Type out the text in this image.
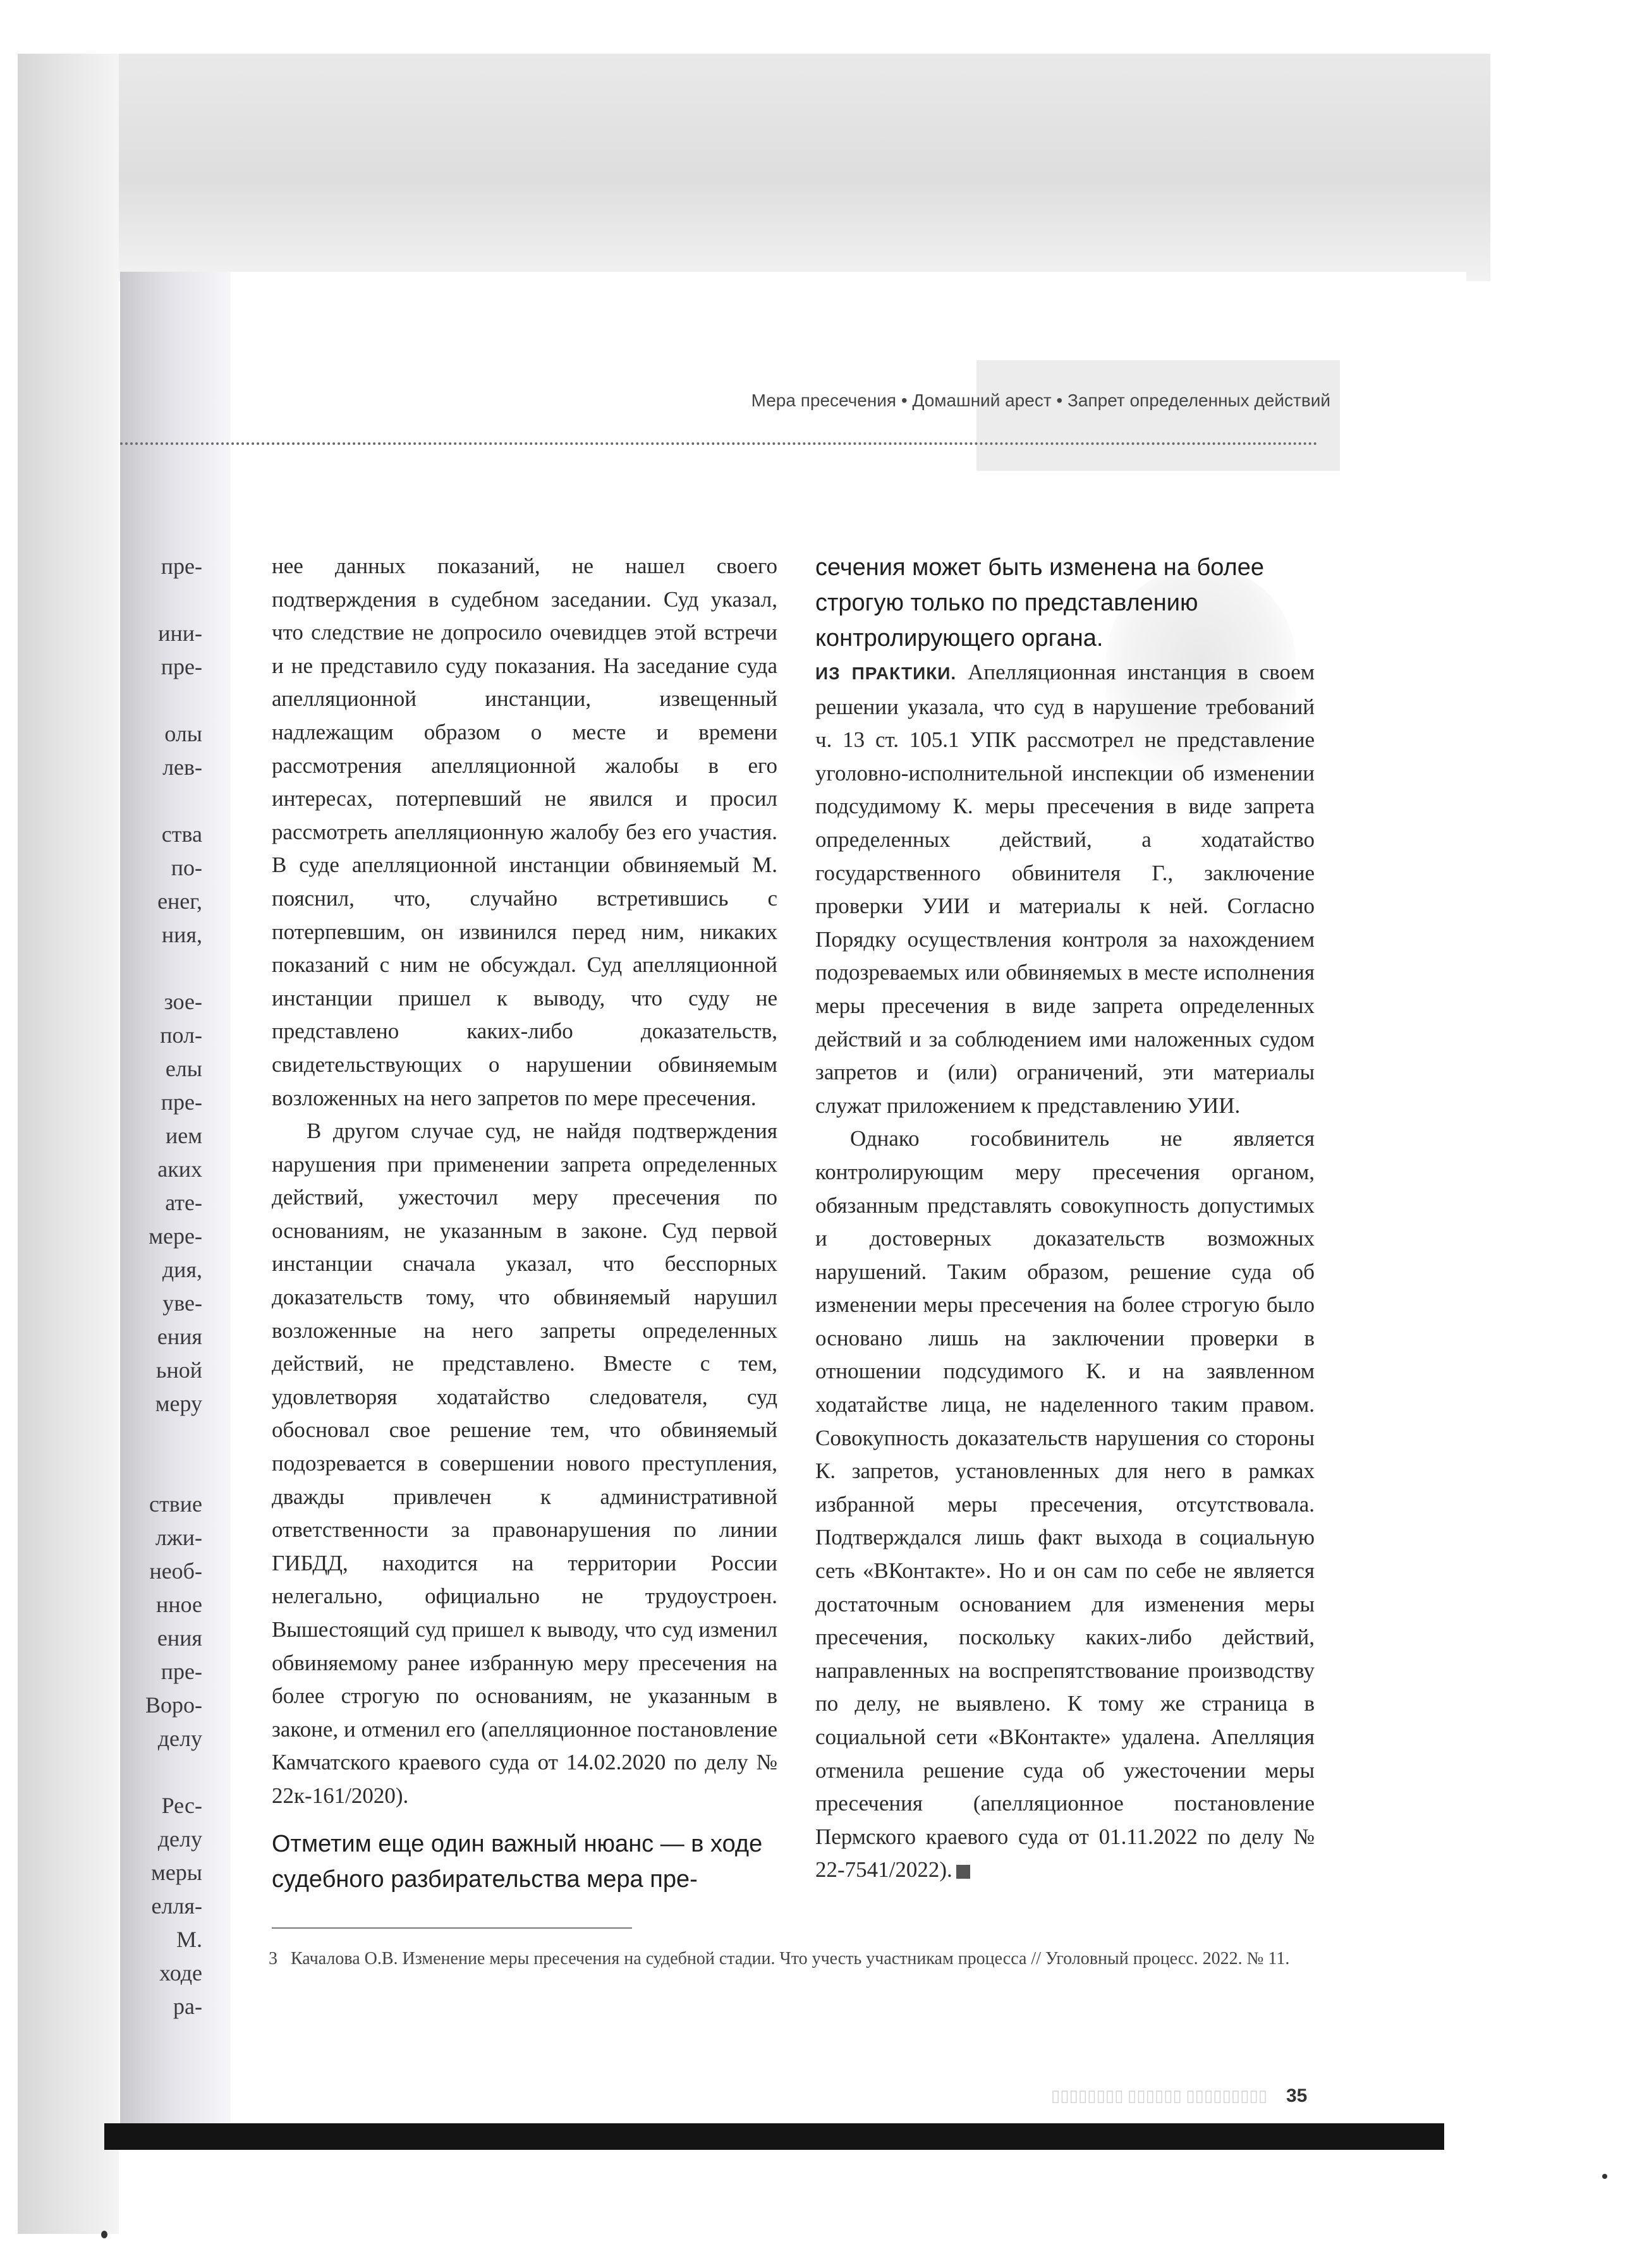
пре-
ини-
пре-
олы
лев-
ства
по-
енег,
ния,
зое-
пол-
елы
пре-
ием
аких
ате-
мере-
дия,
уве-
ения
ьной
меру
ствие
лжи-
необ-
нное
ения
пре-
Воро-
делу
Рес-
делу
меры
елля-
М.
ходе
ра-
Мера пресечения • Домашний арест • Запрет определенных действий

нее данных показаний, не нашел своего подтверждения в судебном заседании. Суд указал, что следствие не допросило очевидцев этой встречи и не представило суду показания. На заседание суда апелляционной инстанции, извещенный надлежащим образом о месте и времени рассмотрения апелляционной жалобы в его интересах, потерпевший не явился и просил рассмотреть апелляционную жалобу без его участия. В суде апелляционной инстанции обвиняемый М. пояснил, что, случайно встретившись с потерпевшим, он извинился перед ним, никаких показаний с ним не обсуждал. Суд апелляционной инстанции пришел к выводу, что суду не представлено каких-либо доказательств, свидетельствующих о нарушении обвиняемым возложенных на него запретов по мере пресечения.

В другом случае суд, не найдя подтверждения нарушения при применении запрета определенных действий, ужесточил меру пресечения по основаниям, не указанным в законе. Суд первой инстанции сначала указал, что бесспорных доказательств тому, что обвиняемый нарушил возложенные на него запреты определенных действий, не представлено. Вместе с тем, удовлетворяя ходатайство следователя, суд обосновал свое решение тем, что обвиняемый подозревается в совершении нового преступления, дважды привлечен к административной ответственности за правонарушения по линии ГИБДД, находится на территории России нелегально, официально не трудоустроен. Вышестоящий суд пришел к выводу, что суд изменил обвиняемому ранее избранную меру пресечения на более строгую по основаниям, не указанным в законе, и отменил его (апелляционное постановление Камчатского краевого суда от 14.02.2020 по делу № 22к-161/2020).

Отметим еще один важный нюанс — в ходе судебного разбирательства мера пре-

сечения может быть изменена на более строгую только по представлению контролирующего органа.

ИЗ ПРАКТИКИ. Апелляционная инстанция в своем решении указала, что суд в нарушение требований ч. 13 ст. 105.1 УПК рассмотрел не представление уголовно-исполнительной инспекции об изменении подсудимому К. меры пресечения в виде запрета определенных действий, а ходатайство государственного обвинителя Г., заключение проверки УИИ и материалы к ней. Согласно Порядку осуществления контроля за нахождением подозреваемых или обвиняемых в месте исполнения меры пресечения в виде запрета определенных действий и за соблюдением ими наложенных судом запретов и (или) ограничений, эти материалы служат приложением к представлению УИИ.

Однако гособвинитель не является контролирующим меру пресечения органом, обязанным представлять совокупность допустимых и достоверных доказательств возможных нарушений. Таким образом, решение суда об изменении меры пресечения на более строгую было основано лишь на заключении проверки в отношении подсудимого К. и на заявленном ходатайстве лица, не наделенного таким правом. Совокупность доказательств нарушения со стороны К. запретов, установленных для него в рамках избранной меры пресечения, отсутствовала. Подтверждался лишь факт выхода в социальную сеть «ВКонтакте». Но и он сам по себе не является достаточным основанием для изменения меры пресечения, поскольку каких-либо действий, направленных на воспрепятствование производству по делу, не выявлено. К тому же страница в социальной сети «ВКонтакте» удалена. Апелляция отменила решение суда об ужесточении меры пресечения (апелляционное постановление Пермского краевого суда от 01.11.2022 по делу № 22-7541/2022).

3 Качалова О.В. Изменение меры пресечения на судебной стадии. Что учесть участникам процесса // Уголовный процесс. 2022. № 11.
▯▯▯▯▯▯▯▯ ▯▯▯▯▯▯ ▯▯▯▯▯▯▯▯▯ 35
